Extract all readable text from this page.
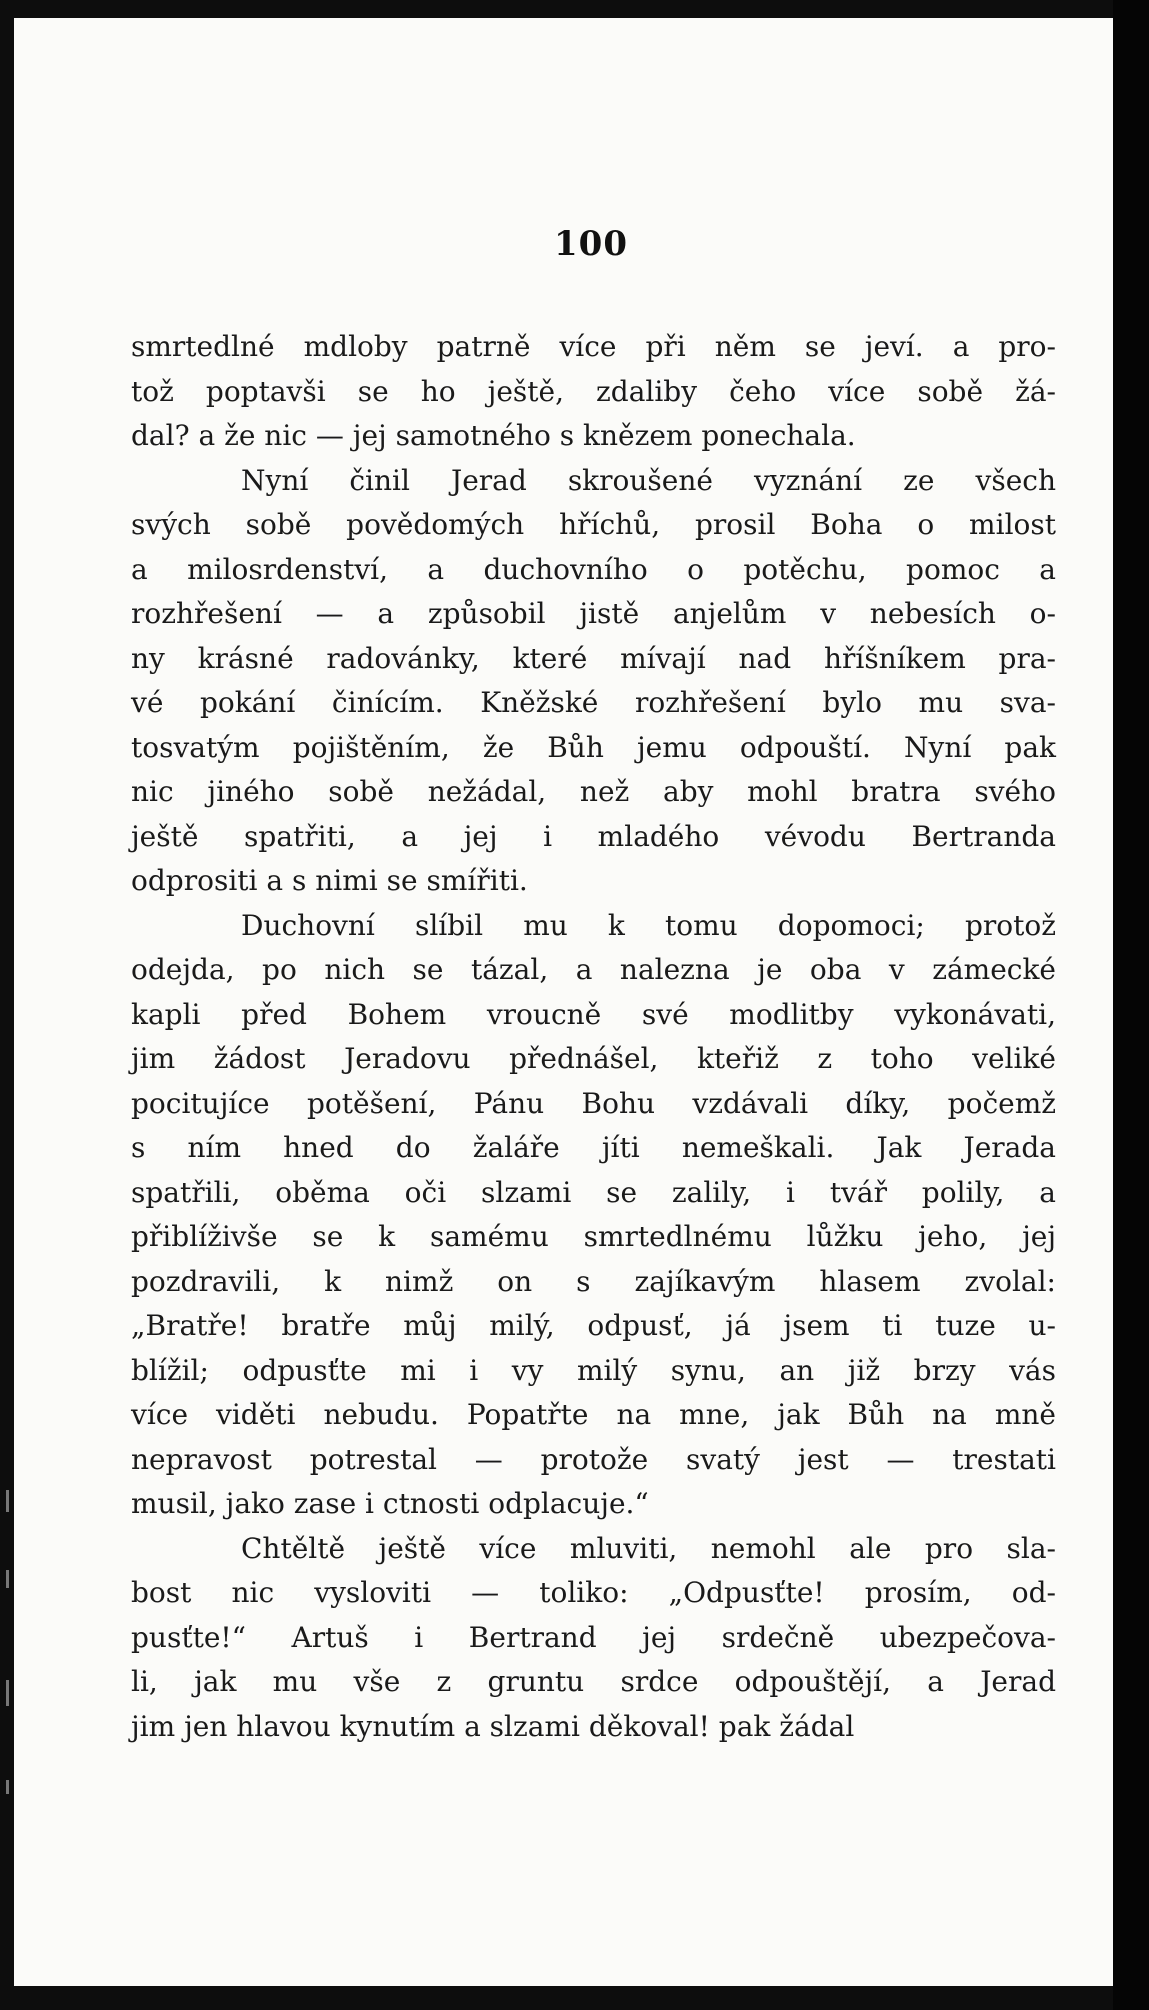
100
smrtedlné mdloby patrně více při něm se jeví. a pro-
tož poptavši se ho ještě, zdaliby čeho více sobě žá-
dal? a že nic — jej samotného s knězem ponechala.
Nyní činil Jerad skroušené vyznání ze všech
svých sobě povědomých hříchů, prosil Boha o milost
a milosrdenství, a duchovního o potěchu, pomoc a
rozhřešení — a způsobil jistě anjelům v nebesích o-
ny krásné radovánky, které mívají nad hříšníkem pra-
vé pokání činícím. Kněžské rozhřešení bylo mu sva-
tosvatým pojištěním, že Bůh jemu odpouští. Nyní pak
nic jiného sobě nežádal, než aby mohl bratra svého
ještě spatřiti, a jej i mladého vévodu Bertranda
odprositi a s nimi se smířiti.
Duchovní slíbil mu k tomu dopomoci; protož
odejda, po nich se tázal, a nalezna je oba v zámecké
kapli před Bohem vroucně své modlitby vykonávati,
jim žádost Jeradovu přednášel, kteřiž z toho veliké
pocitujíce potěšení, Pánu Bohu vzdávali díky, počemž
s ním hned do žaláře jíti nemeškali. Jak Jerada
spatřili, oběma oči slzami se zalily, i tvář polily, a
přiblíživše se k samému smrtedlnému lůžku jeho, jej
pozdravili, k nimž on s zajíkavým hlasem zvolal:
„Bratře! bratře můj milý, odpusť, já jsem ti tuze u-
blížil; odpusťte mi i vy milý synu, an již brzy vás
více viděti nebudu. Popatřte na mne, jak Bůh na mně
nepravost potrestal — protože svatý jest — trestati
musil, jako zase i ctnosti odplacuje.“
Chtěltě ještě více mluviti, nemohl ale pro sla-
bost nic vysloviti — toliko: „Odpusťte! prosím, od-
pusťte!“ Artuš i Bertrand jej srdečně ubezpečova-
li, jak mu vše z gruntu srdce odpouštějí, a Jerad
jim jen hlavou kynutím a slzami děkoval! pak žádal
